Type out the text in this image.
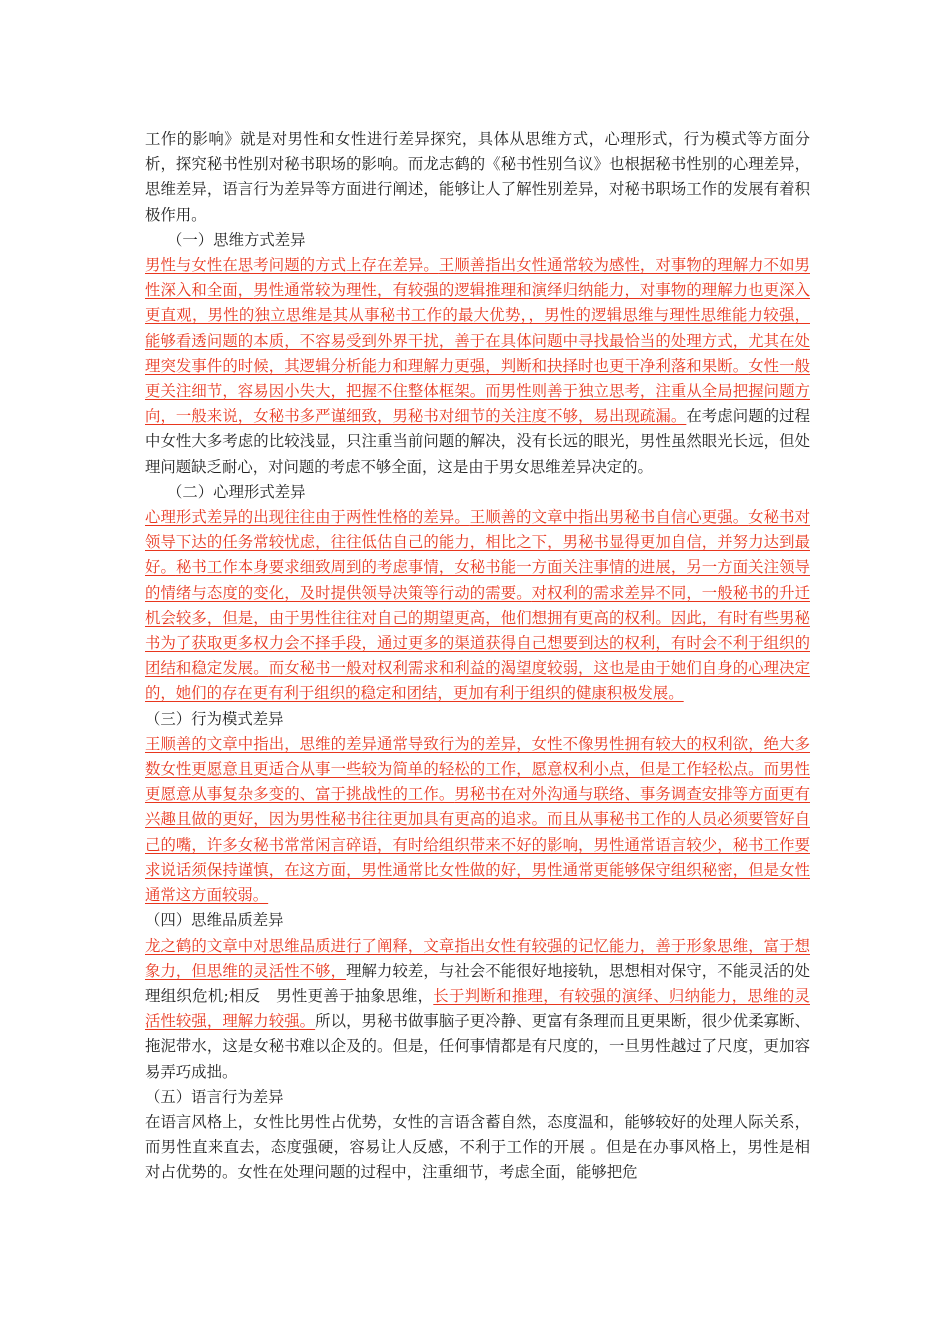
工作的影响》就是对男性和女性进行差异探究，具体从思维方式，心理形式，行为模式等方面分析，探究秘书性别对秘书职场的影响。而龙志鹤的《秘书性别刍议》也根据秘书性别的心理差异，思维差异，语言行为差异等方面进行阐述，能够让人了解性别差异，对秘书职场工作的发展有着积极作用。

（一）思维方式差异

男性与女性在思考问题的方式上存在差异。王顺善指出女性通常较为感性，对事物的理解力不如男性深入和全面，男性通常较为理性，有较强的逻辑推理和演绎归纳能力，对事物的理解力也更深入更直观，男性的独立思维是其从事秘书工作的最大优势，，男性的逻辑思维与理性思维能力较强，能够看透问题的本质，不容易受到外界干扰，善于在具体问题中寻找最恰当的处理方式，尤其在处理突发事件的时候，其逻辑分析能力和理解力更强，判断和抉择时也更干净利落和果断。女性一般更关注细节，容易因小失大，把握不住整体框架。而男性则善于独立思考，注重从全局把握问题方向，一般来说，女秘书多严谨细致，男秘书对细节的关注度不够，易出现疏漏。在考虑问题的过程中女性大多考虑的比较浅显，只注重当前问题的解决，没有长远的眼光，男性虽然眼光长远，但处理问题缺乏耐心，对问题的考虑不够全面，这是由于男女思维差异决定的。

（二）心理形式差异

心理形式差异的出现往往由于两性性格的差异。王顺善的文章中指出男秘书自信心更强。女秘书对领导下达的任务常较忧虑，往往低估自己的能力，相比之下，男秘书显得更加自信，并努力达到最好。秘书工作本身要求细致周到的考虑事情，女秘书能一方面关注事情的进展，另一方面关注领导的情绪与态度的变化，及时提供领导决策等行动的需要。对权利的需求差异不同，一般秘书的升迁机会较多，但是，由于男性往往对自己的期望更高，他们想拥有更高的权利。因此，有时有些男秘书为了获取更多权力会不择手段，通过更多的渠道获得自己想要到达的权利，有时会不利于组织的团结和稳定发展。而女秘书一般对权利需求和利益的渴望度较弱，这也是由于她们自身的心理决定的，她们的存在更有利于组织的稳定和团结，更加有利于组织的健康积极发展。

（三）行为模式差异

王顺善的文章中指出，思维的差异通常导致行为的差异，女性不像男性拥有较大的权利欲，绝大多数女性更愿意且更适合从事一些较为简单的轻松的工作，愿意权利小点，但是工作轻松点。而男性更愿意从事复杂多变的、富于挑战性的工作。男秘书在对外沟通与联络、事务调查安排等方面更有兴趣且做的更好，因为男性秘书往往更加具有更高的追求。而且从事秘书工作的人员必须要管好自己的嘴，许多女秘书常常闲言碎语，有时给组织带来不好的影响，男性通常语言较少，秘书工作要求说话须保持谨慎，在这方面，男性通常比女性做的好，男性通常更能够保守组织秘密，但是女性通常这方面较弱。

（四）思维品质差异

龙之鹤的文章中对思维品质进行了阐释，文章指出女性有较强的记忆能力，善于形象思维，富于想象力，但思维的灵活性不够，理解力较差，与社会不能很好地接轨，思想相对保守，不能灵活的处理组织危机;相反　男性更善于抽象思维，长于判断和推理，有较强的演绎、归纳能力，思维的灵活性较强，理解力较强。所以，男秘书做事脑子更冷静、更富有条理而且更果断，很少优柔寡断、拖泥带水，这是女秘书难以企及的。但是，任何事情都是有尺度的，一旦男性越过了尺度，更加容易弄巧成拙。

（五）语言行为差异

在语言风格上，女性比男性占优势，女性的言语含蓄自然，态度温和，能够较好的处理人际关系，而男性直来直去，态度强硬，容易让人反感，不利于工作的开展 。但是在办事风格上，男性是相对占优势的。女性在处理问题的过程中，注重细节，考虑全面，能够把危
